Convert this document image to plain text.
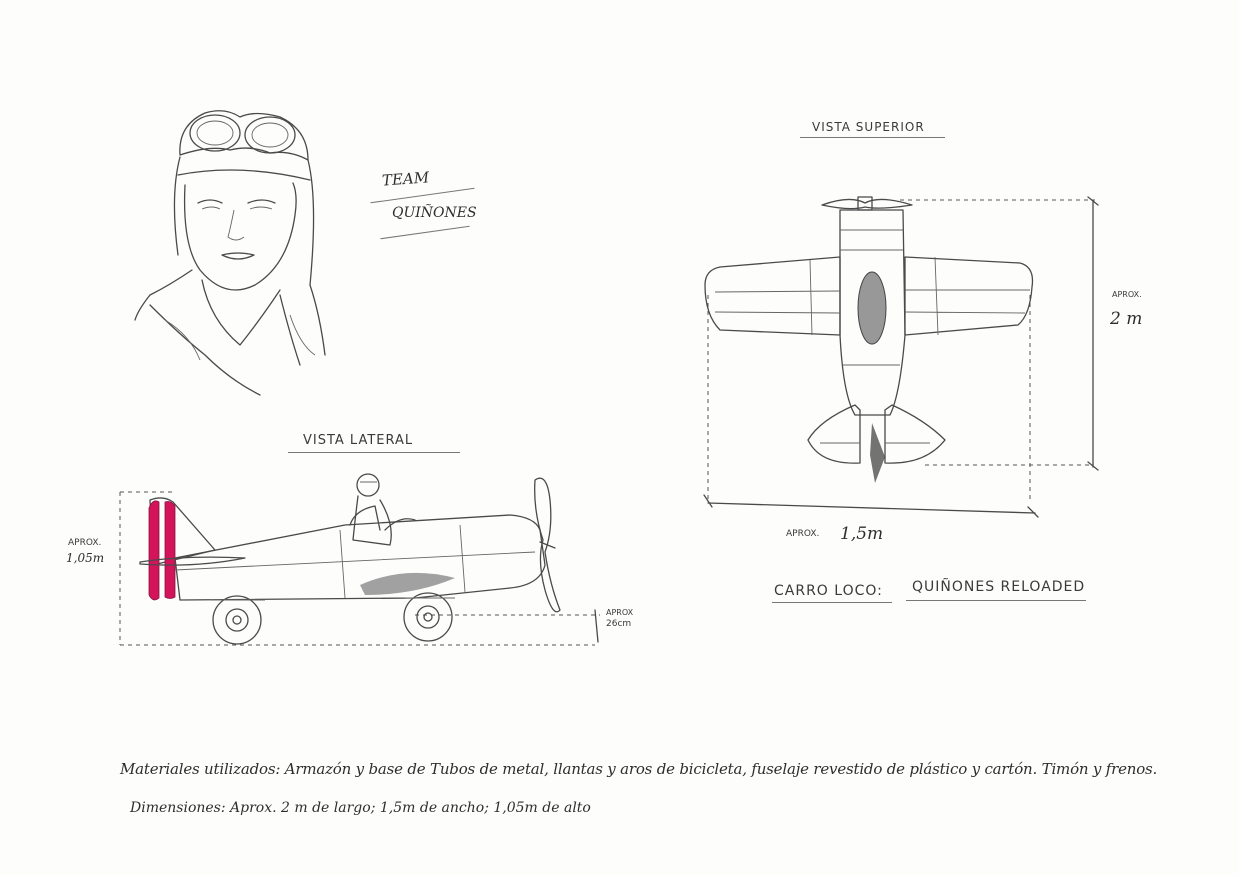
TEAM
QUIÑONES
VISTA LATERAL
APROX.
1,05m
APROX
26cm
VISTA SUPERIOR
APROX.
2 m
APROX. 1,5m
CARRO LOCO: QUIÑONES RELOADED
Materiales utilizados: Armazón y base de Tubos de metal, llantas y aros de bicicleta, fuselaje revestido de plástico y cartón. Timón y frenos.
Dimensiones: Aprox. 2 m de largo; 1,5m de ancho; 1,05m de alto
